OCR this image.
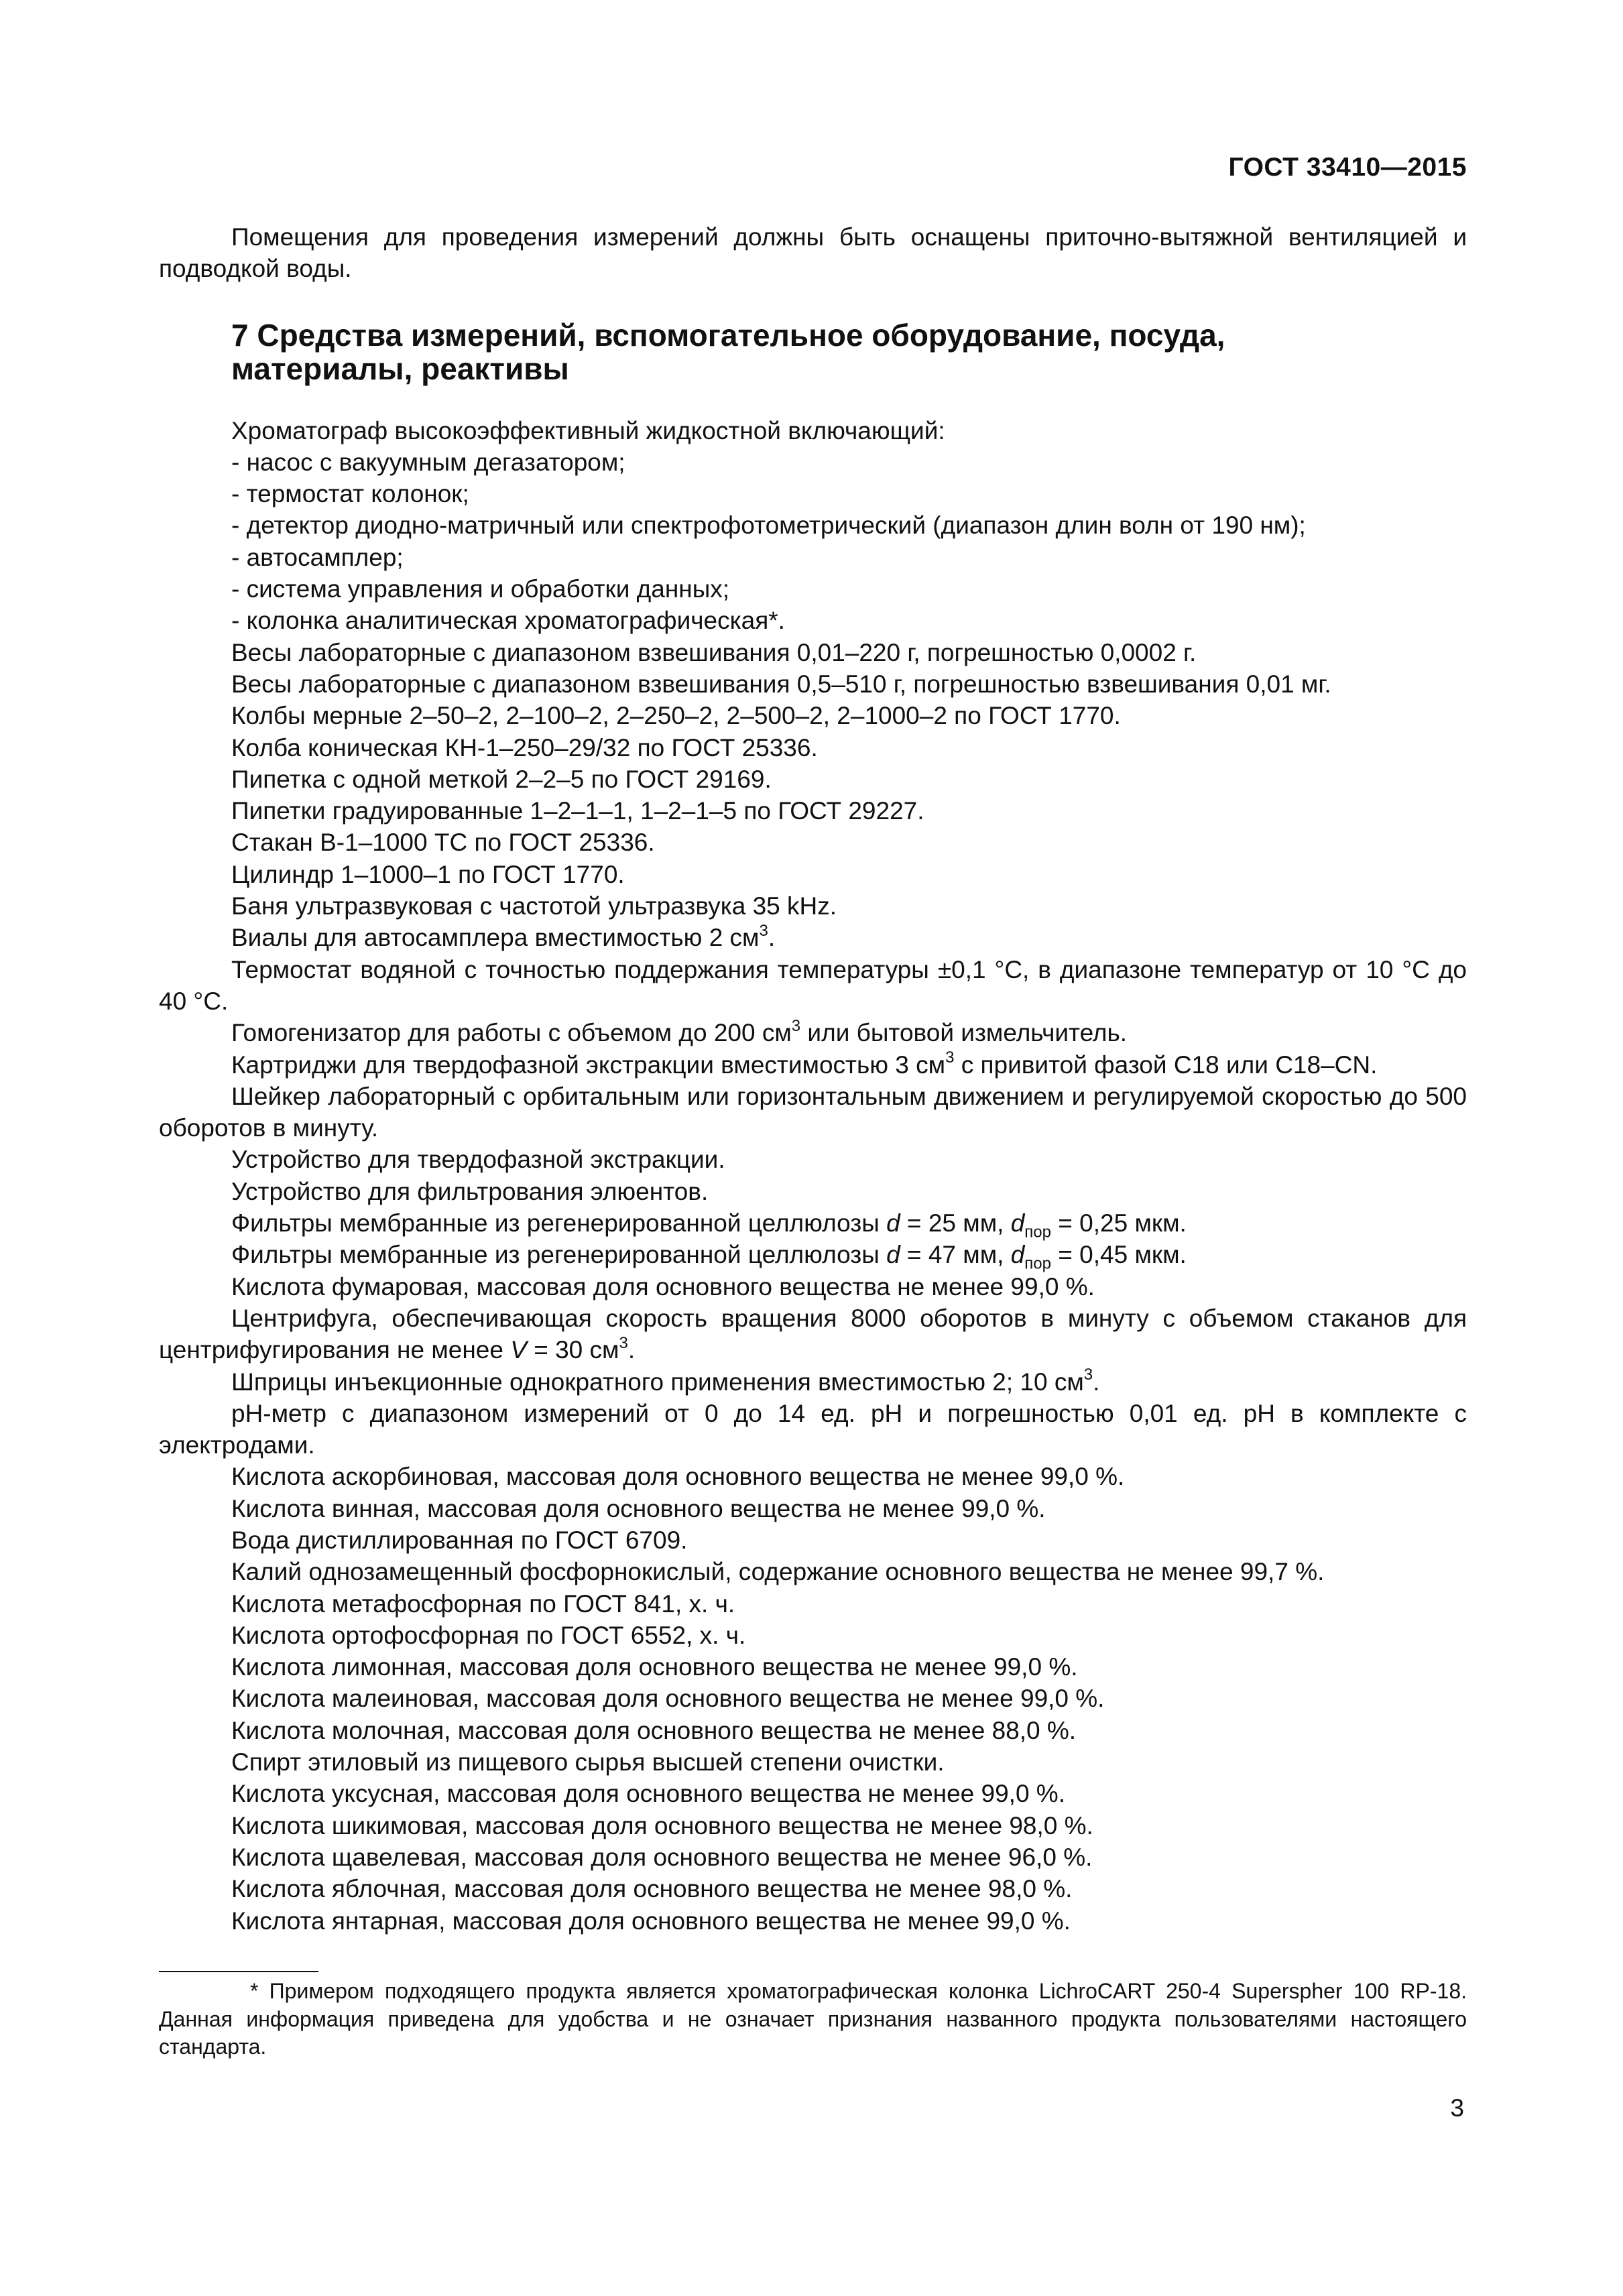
ГОСТ 33410—2015

Помещения для проведения измерений должны быть оснащены приточно-вытяжной вентиляцией и подводкой воды.

7 Средства измерений, вспомогательное оборудование, посуда,
материалы, реактивы

Хроматограф высокоэффективный жидкостной включающий:

- насос с вакуумным дегазатором;

- термостат колонок;

- детектор диодно-матричный или спектрофотометрический (диапазон длин волн от 190 нм);

- автосамплер;

- система управления и обработки данных;

- колонка аналитическая хроматографическая*.

Весы лабораторные с диапазоном взвешивания 0,01–220 г, погрешностью 0,0002 г.

Весы лабораторные с диапазоном взвешивания 0,5–510 г, погрешностью взвешивания 0,01 мг.

Колбы мерные 2–50–2, 2–100–2, 2–250–2, 2–500–2, 2–1000–2 по ГОСТ 1770.

Колба коническая КН-1–250–29/32 по ГОСТ 25336.

Пипетка с одной меткой 2–2–5 по ГОСТ 29169.

Пипетки градуированные 1–2–1–1, 1–2–1–5 по ГОСТ 29227.

Стакан В-1–1000 ТС по ГОСТ 25336.

Цилиндр 1–1000–1 по ГОСТ 1770.

Баня ультразвуковая с частотой ультразвука 35 kHz.

Виалы для автосамплера вместимостью 2 $см^3$.

Термостат водяной с точностью поддержания температуры ±0,1 °С, в диапазоне температур от 10 °С до 40 °С.

Гомогенизатор для работы с объемом до 200 $см^3$ или бытовой измельчитель.

Картриджи для твердофазной экстракции вместимостью 3 $см^3$ с привитой фазой С18 или С18–CN.

Шейкер лабораторный с орбитальным или горизонтальным движением и регулируемой скоростью до 500 оборотов в минуту.

Устройство для твердофазной экстракции.

Устройство для фильтрования элюентов.

Фильтры мембранные из регенерированной целлюлозы d = 25 мм, $d_{пор} = 0,25$ мкм.

Фильтры мембранные из регенерированной целлюлозы d = 47 мм, $d_{пор} = 0,45$ мкм.

Кислота фумаровая, массовая доля основного вещества не менее 99,0 %.

Центрифуга, обеспечивающая скорость вращения 8000 оборотов в минуту с объемом стаканов для центрифугирования не менее V = 30 $см^3$.

Шприцы инъекционные однократного применения вместимостью 2; 10 $см^3$.

рН-метр с диапазоном измерений от 0 до 14 ед. рН и погрешностью 0,01 ед. рН в комплекте с электродами.

Кислота аскорбиновая, массовая доля основного вещества не менее 99,0 %.

Кислота винная, массовая доля основного вещества не менее 99,0 %.

Вода дистиллированная по ГОСТ 6709.

Калий однозамещенный фосфорнокислый, содержание основного вещества не менее 99,7 %.

Кислота метафосфорная по ГОСТ 841, х. ч.

Кислота ортофосфорная по ГОСТ 6552, х. ч.

Кислота лимонная, массовая доля основного вещества не менее 99,0 %.

Кислота малеиновая, массовая доля основного вещества не менее 99,0 %.

Кислота молочная, массовая доля основного вещества не менее 88,0 %.

Спирт этиловый из пищевого сырья высшей степени очистки.

Кислота уксусная, массовая доля основного вещества не менее 99,0 %.

Кислота шикимовая, массовая доля основного вещества не менее 98,0 %.

Кислота щавелевая, массовая доля основного вещества не менее 96,0 %.

Кислота яблочная, массовая доля основного вещества не менее 98,0 %.

Кислота янтарная, массовая доля основного вещества не менее 99,0 %.

* Примером подходящего продукта является хроматографическая колонка LichroCART 250-4 Superspher 100 RP-18. Данная информация приведена для удобства и не означает признания названного продукта пользователями настоящего стандарта.

3
